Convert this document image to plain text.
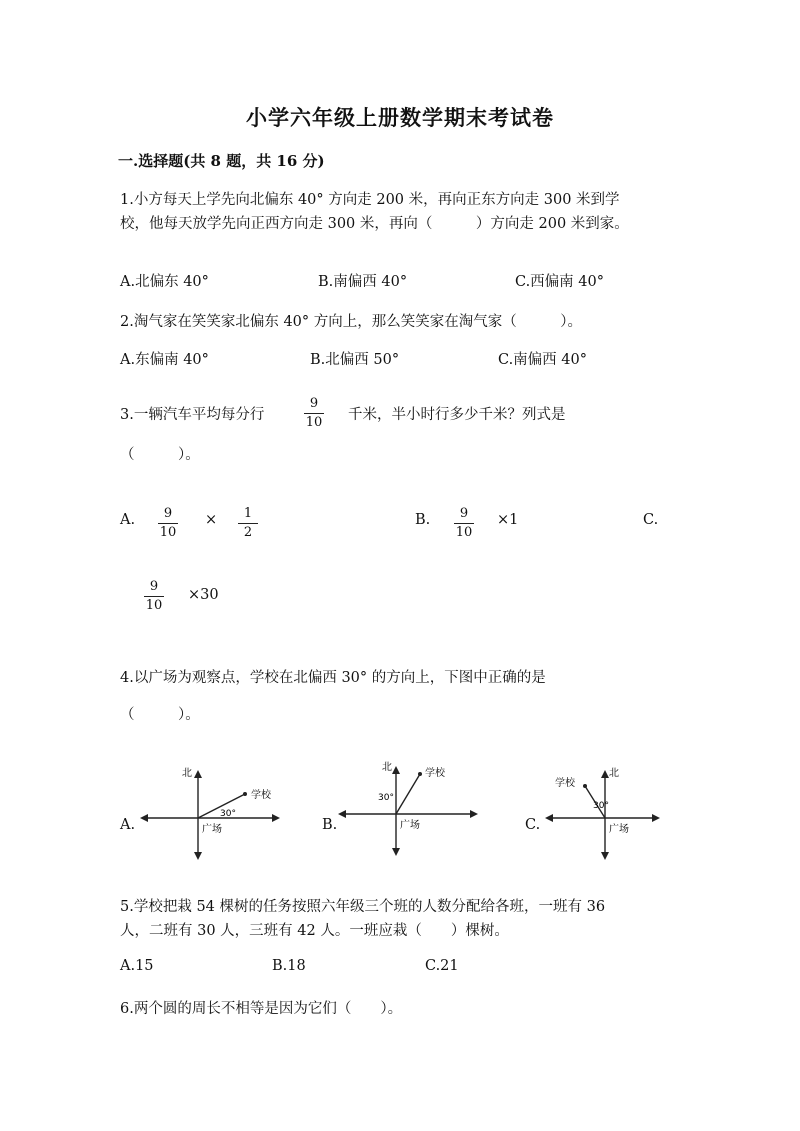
小学六年级上册数学期末考试卷
一.选择题(共 8 题，共 16 分)
1.小方每天上学先向北偏东 40° 方向走 200 米，再向正东方向走 300 米到学
校，他每天放学先向正西方向走 300 米，再向（　　　）方向走 200 米到家。
A.北偏东 40°	B.南偏西 40°	C.西偏南 40°
2.淘气家在笑笑家北偏东 40° 方向上，那么笑笑家在淘气家（　　　）。
A.东偏南 40°	B.北偏西 50°	C.南偏西 40°
3.一辆汽车平均每分行
9
10 千米，半小时行多少千米？列式是
（　　　）。
A. 9
10
× 1
2
B. 9
10
×1	C.
9
10
×30
4.以广场为观察点，学校在北偏西 30° 的方向上，下图中正确的是
（　　　）。
A.	B.	C.
北
学校
广场
30°
北
学校
广场
30°
北
学校
广场
30°
5.学校把栽 54 棵树的任务按照六年级三个班的人数分配给各班，一班有 36
人，二班有 30 人，三班有 42 人。一班应栽（　　）棵树。
A.15	B.18	C.21
6.两个圆的周长不相等是因为它们（　　）。
